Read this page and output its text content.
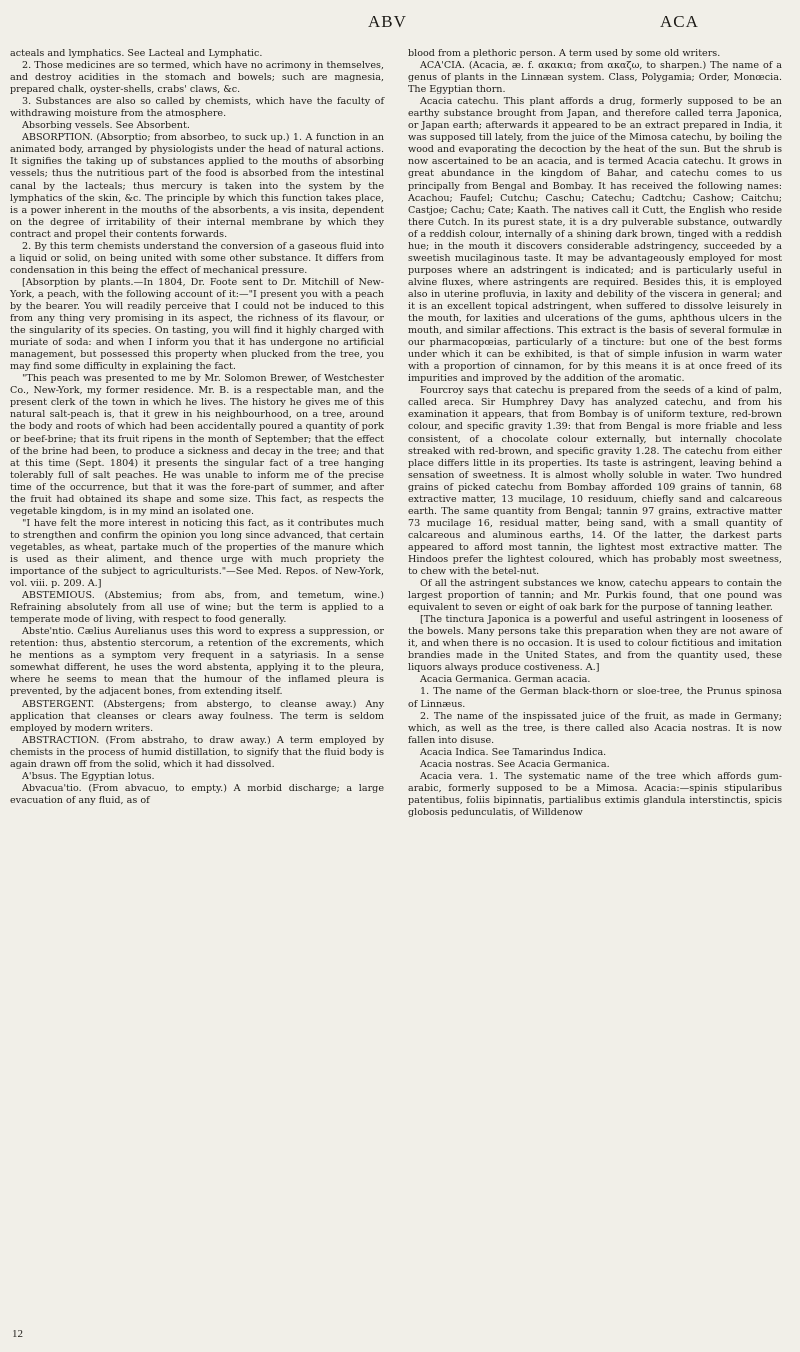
ABV	ACA

acteals and lymphatics. See Lacteal and Lymphatic.

2. Those medicines are so termed, which have no acrimony in themselves, and destroy acidities in the stomach and bowels; such are magnesia, prepared chalk, oyster-shells, crabs' claws, &c.

3. Substances are also so called by chemists, which have the faculty of withdrawing moisture from the atmosphere.

Absorbing vessels. See Absorbent.

ABSORPTION. (Absorptio; from absorbeo, to suck up.) 1. A function in an animated body, arranged by physiologists under the head of natural actions. It signifies the taking up of substances applied to the mouths of absorbing vessels; thus the nutritious part of the food is absorbed from the intestinal canal by the lacteals; thus mercury is taken into the system by the lymphatics of the skin, &c. The principle by which this function takes place, is a power inherent in the mouths of the absorbents, a vis insita, dependent on the degree of irritability of their internal membrane by which they contract and propel their contents forwards.

2. By this term chemists understand the conversion of a gaseous fluid into a liquid or solid, on being united with some other substance. It differs from condensation in this being the effect of mechanical pressure.

[Absorption by plants.—In 1804, Dr. Foote sent to Dr. Mitchill of New-York, a peach, with the following account of it:—"I present you with a peach by the bearer. You will readily perceive that I could not be induced to this from any thing very promising in its aspect, the richness of its flavour, or the singularity of its species. On tasting, you will find it highly charged with muriate of soda: and when I inform you that it has undergone no artificial management, but possessed this property when plucked from the tree, you may find some difficulty in explaining the fact.

"This peach was presented to me by Mr. Solomon Brewer, of Westchester Co., New-York, my former residence. Mr. B. is a respectable man, and the present clerk of the town in which he lives. The history he gives me of this natural salt-peach is, that it grew in his neighbourhood, on a tree, around the body and roots of which had been accidentally poured a quantity of pork or beef-brine; that its fruit ripens in the month of September; that the effect of the brine had been, to produce a sickness and decay in the tree; and that at this time (Sept. 1804) it presents the singular fact of a tree hanging tolerably full of salt peaches. He was unable to inform me of the precise time of the occurrence, but that it was the fore-part of summer, and after the fruit had obtained its shape and some size. This fact, as respects the vegetable kingdom, is in my mind an isolated one.

"I have felt the more interest in noticing this fact, as it contributes much to strengthen and confirm the opinion you long since advanced, that certain vegetables, as wheat, partake much of the properties of the manure which is used as their aliment, and thence urge with much propriety the importance of the subject to agriculturists."—See Med. Repos. of New-York, vol. viii. p. 209. A.]

ABSTEMIOUS. (Abstemius; from abs, from, and temetum, wine.) Refraining absolutely from all use of wine; but the term is applied to a temperate mode of living, with respect to food generally.

Abste'ntio. Cælius Aurelianus uses this word to express a suppression, or retention: thus, abstentio stercorum, a retention of the excrements, which he mentions as a symptom very frequent in a satyriasis. In a sense somewhat different, he uses the word abstenta, applying it to the pleura, where he seems to mean that the humour of the inflamed pleura is prevented, by the adjacent bones, from extending itself.

ABSTERGENT. (Abstergens; from abstergo, to cleanse away.) Any application that cleanses or clears away foulness. The term is seldom employed by modern writers.

ABSTRACTION. (From abstraho, to draw away.) A term employed by chemists in the process of humid distillation, to signify that the fluid body is again drawn off from the solid, which it had dissolved.

A'bsus. The Egyptian lotus.

Abvacua'tio. (From abvacuo, to empty.) A morbid discharge; a large evacuation of any fluid, as of

blood from a plethoric person. A term used by some old writers.

ACA'CIA. (Acacia, æ. f. ακακια; from ακαζω, to sharpen.) The name of a genus of plants in the Linnæan system. Class, Polygamia; Order, Monœcia. The Egyptian thorn.

Acacia catechu. This plant affords a drug, formerly supposed to be an earthy substance brought from Japan, and therefore called terra Japonica, or Japan earth; afterwards it appeared to be an extract prepared in India, it was supposed till lately, from the juice of the Mimosa catechu, by boiling the wood and evaporating the decoction by the heat of the sun. But the shrub is now ascertained to be an acacia, and is termed Acacia catechu. It grows in great abundance in the kingdom of Bahar, and catechu comes to us principally from Bengal and Bombay. It has received the following names: Acachou; Faufel; Cutchu; Caschu; Catechu; Cadtchu; Cashow; Caitchu; Castjoe; Cachu; Cate; Kaath. The natives call it Cutt, the English who reside there Cutch. In its purest state, it is a dry pulverable substance, outwardly of a reddish colour, internally of a shining dark brown, tinged with a reddish hue; in the mouth it discovers considerable adstringency, succeeded by a sweetish mucilaginous taste. It may be advantageously employed for most purposes where an adstringent is indicated; and is particularly useful in alvine fluxes, where astringents are required. Besides this, it is employed also in uterine profluvia, in laxity and debility of the viscera in general; and it is an excellent topical adstringent, when suffered to dissolve leisurely in the mouth, for laxities and ulcerations of the gums, aphthous ulcers in the mouth, and similar affections. This extract is the basis of several formulæ in our pharmacopœias, particularly of a tincture: but one of the best forms under which it can be exhibited, is that of simple infusion in warm water with a proportion of cinnamon, for by this means it is at once freed of its impurities and improved by the addition of the aromatic.

Fourcroy says that catechu is prepared from the seeds of a kind of palm, called areca. Sir Humphrey Davy has analyzed catechu, and from his examination it appears, that from Bombay is of uniform texture, red-brown colour, and specific gravity 1.39: that from Bengal is more friable and less consistent, of a chocolate colour externally, but internally chocolate streaked with red-brown, and specific gravity 1.28. The catechu from either place differs little in its properties. Its taste is astringent, leaving behind a sensation of sweetness. It is almost wholly soluble in water. Two hundred grains of picked catechu from Bombay afforded 109 grains of tannin, 68 extractive matter, 13 mucilage, 10 residuum, chiefly sand and calcareous earth. The same quantity from Bengal; tannin 97 grains, extractive matter 73 mucilage 16, residual matter, being sand, with a small quantity of calcareous and aluminous earths, 14. Of the latter, the darkest parts appeared to afford most tannin, the lightest most extractive matter. The Hindoos prefer the lightest coloured, which has probably most sweetness, to chew with the betel-nut.

Of all the astringent substances we know, catechu appears to contain the largest proportion of tannin; and Mr. Purkis found, that one pound was equivalent to seven or eight of oak bark for the purpose of tanning leather.

[The tinctura Japonica is a powerful and useful astringent in looseness of the bowels. Many persons take this preparation when they are not aware of it, and when there is no occasion. It is used to colour fictitious and imitation brandies made in the United States, and from the quantity used, these liquors always produce costiveness. A.]

Acacia Germanica. German acacia.

1. The name of the German black-thorn or sloe-tree, the Prunus spinosa of Linnæus.

2. The name of the inspissated juice of the fruit, as made in Germany; which, as well as the tree, is there called also Acacia nostras. It is now fallen into disuse.

Acacia Indica. See Tamarindus Indica.

Acacia nostras. See Acacia Germanica.

Acacia vera. 1. The systematic name of the tree which affords gum-arabic, formerly supposed to be a Mimosa. Acacia:—spinis stipularibus patentibus, foliis bipinnatis, partialibus extimis glandula interstinctis, spicis globosis pedunculatis, of Willdenow

12
